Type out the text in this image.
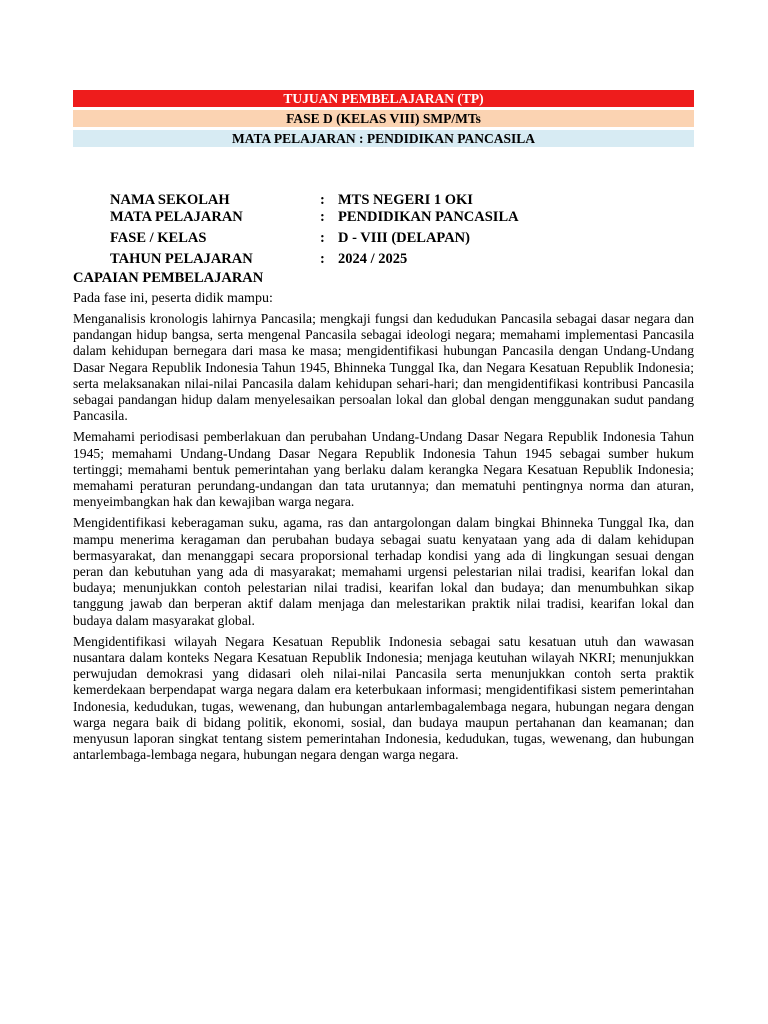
TUJUAN PEMBELAJARAN (TP)
FASE D (KELAS VIII) SMP/MTs
MATA PELAJARAN : PENDIDIKAN PANCASILA
NAMA SEKOLAH	: MTS NEGERI 1 OKI
MATA PELAJARAN	: PENDIDIKAN PANCASILA
FASE / KELAS	: D - VIII (DELAPAN)
TAHUN PELAJARAN	: 2024 / 2025
CAPAIAN PEMBELAJARAN
Pada fase ini, peserta didik mampu:

Menganalisis kronologis lahirnya Pancasila; mengkaji fungsi dan kedudukan Pancasila sebagai dasar negara dan pandangan hidup bangsa, serta mengenal Pancasila sebagai ideologi negara; memahami implementasi Pancasila dalam kehidupan bernegara dari masa ke masa; mengidentifikasi hubungan Pancasila dengan Undang-Undang Dasar Negara Republik Indonesia Tahun 1945, Bhinneka Tunggal Ika, dan Negara Kesatuan Republik Indonesia; serta melaksanakan nilai-nilai Pancasila dalam kehidupan sehari-hari; dan mengidentifikasi kontribusi Pancasila sebagai pandangan hidup dalam menyelesaikan persoalan lokal dan global dengan menggunakan sudut pandang Pancasila.

Memahami periodisasi pemberlakuan dan perubahan Undang-Undang Dasar Negara Republik Indonesia Tahun 1945; memahami Undang-Undang Dasar Negara Republik Indonesia Tahun 1945 sebagai sumber hukum tertinggi; memahami bentuk pemerintahan yang berlaku dalam kerangka Negara Kesatuan Republik Indonesia; memahami peraturan perundang-undangan dan tata urutannya; dan mematuhi pentingnya norma dan aturan, menyeimbangkan hak dan kewajiban warga negara.

Mengidentifikasi keberagaman suku, agama, ras dan antargolongan dalam bingkai Bhinneka Tunggal Ika, dan mampu menerima keragaman dan perubahan budaya sebagai suatu kenyataan yang ada di dalam kehidupan bermasyarakat, dan menanggapi secara proporsional terhadap kondisi yang ada di lingkungan sesuai dengan peran dan kebutuhan yang ada di masyarakat; memahami urgensi pelestarian nilai tradisi, kearifan lokal dan budaya; menunjukkan contoh pelestarian nilai tradisi, kearifan lokal dan budaya; dan menumbuhkan sikap tanggung jawab dan berperan aktif dalam menjaga dan melestarikan praktik nilai tradisi, kearifan lokal dan budaya dalam masyarakat global.

Mengidentifikasi wilayah Negara Kesatuan Republik Indonesia sebagai satu kesatuan utuh dan wawasan nusantara dalam konteks Negara Kesatuan Republik Indonesia; menjaga keutuhan wilayah NKRI; menunjukkan perwujudan demokrasi yang didasari oleh nilai-nilai Pancasila serta menunjukkan contoh serta praktik kemerdekaan berpendapat warga negara dalam era keterbukaan informasi; mengidentifikasi sistem pemerintahan Indonesia, kedudukan, tugas, wewenang, dan hubungan antarlembagalembaga negara, hubungan negara dengan warga negara baik di bidang politik, ekonomi, sosial, dan budaya maupun pertahanan dan keamanan; dan menyusun laporan singkat tentang sistem pemerintahan Indonesia, kedudukan, tugas, wewenang, dan hubungan antarlembaga-lembaga negara, hubungan negara dengan warga negara.
